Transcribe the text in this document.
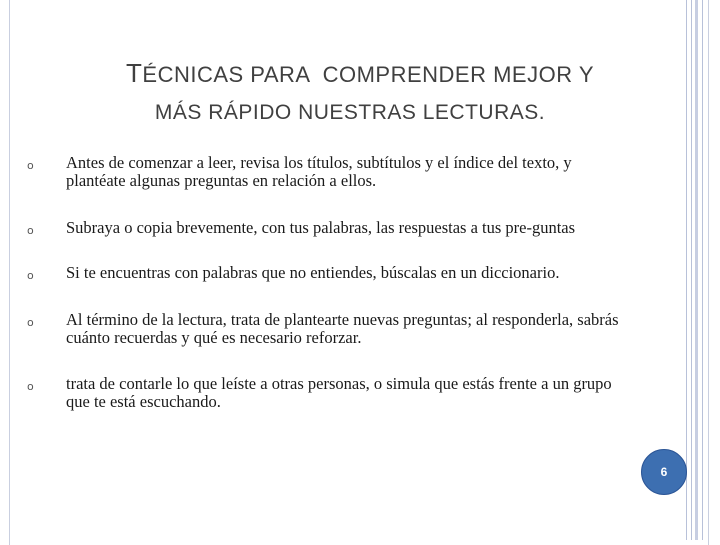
TÉCNICAS PARA  COMPRENDER MEJOR Y
MÁS RÁPIDO NUESTRAS LECTURAS.
o Antes de comenzar a leer, revisa los títulos, subtítulos y el índice del texto, y plantéate algunas preguntas en relación a ellos.
o Subraya o copia brevemente, con tus palabras, las respuestas a tus pre-guntas
o Si te encuentras con palabras que no entiendes, búscalas en un diccionario.
o Al término de la lectura, trata de plantearte nuevas preguntas; al responderla, sabrás cuánto recuerdas y qué es necesario reforzar.
o trata de contarle lo que leíste a otras personas, o simula que estás frente a un grupo que te está escuchando.
6
